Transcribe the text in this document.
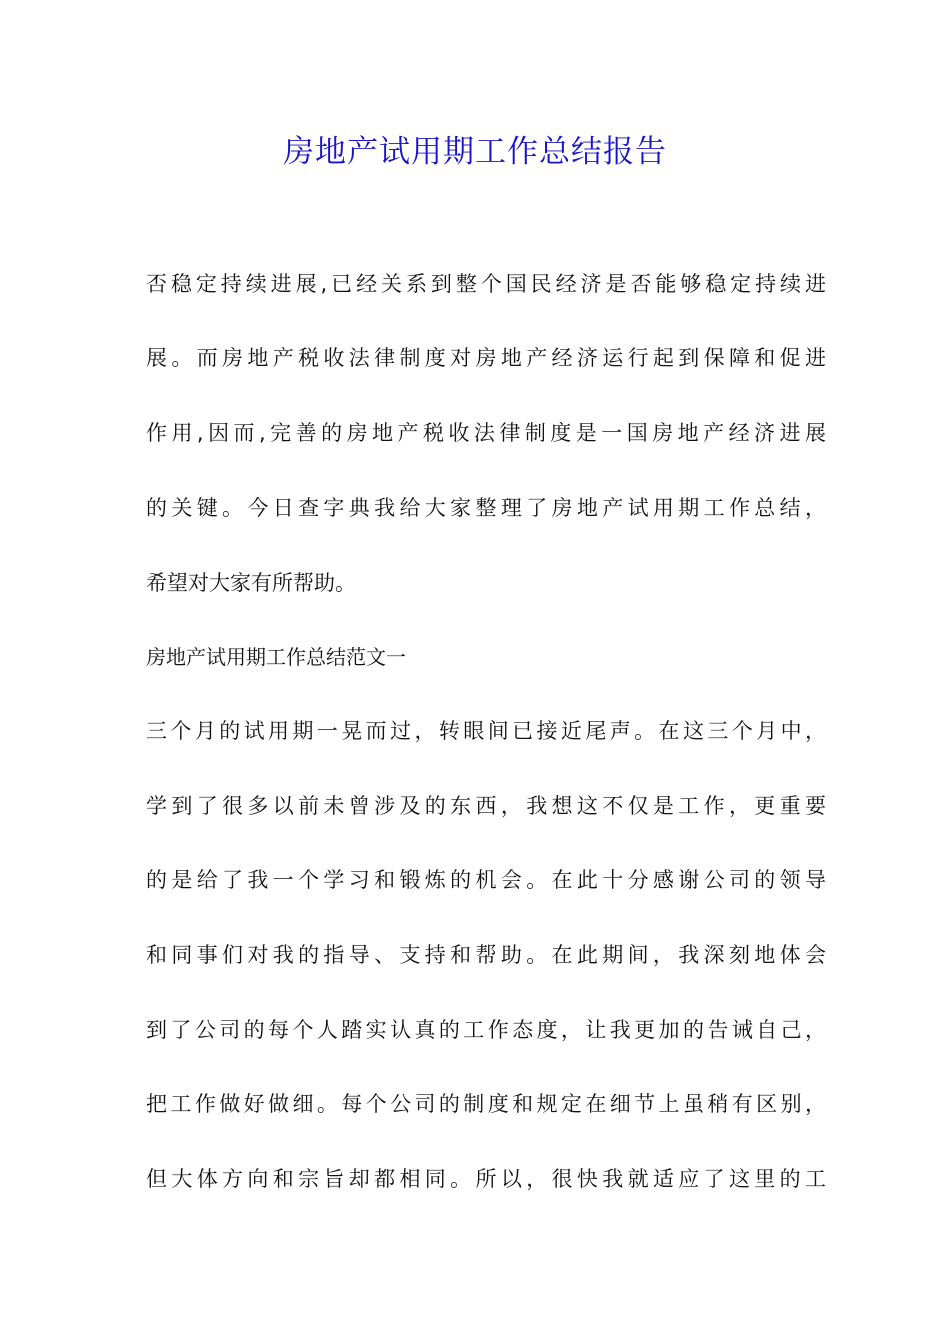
房地产试用期工作总结报告

否稳定持续进展,已经关系到整个国民经济是否能够稳定持续进

展。而房地产税收法律制度对房地产经济运行起到保障和促进

作用,因而,完善的房地产税收法律制度是一国房地产经济进展

的关键。今日查字典我给大家整理了房地产试用期工作总结，

希望对大家有所帮助。

房地产试用期工作总结范文一

三个月的试用期一晃而过，转眼间已接近尾声。在这三个月中，

学到了很多以前未曾涉及的东西，我想这不仅是工作，更重要

的是给了我一个学习和锻炼的机会。在此十分感谢公司的领导

和同事们对我的指导、支持和帮助。在此期间，我深刻地体会

到了公司的每个人踏实认真的工作态度，让我更加的告诫自己，

把工作做好做细。每个公司的制度和规定在细节上虽稍有区别，

但大体方向和宗旨却都相同。所以，很快我就适应了这里的工
